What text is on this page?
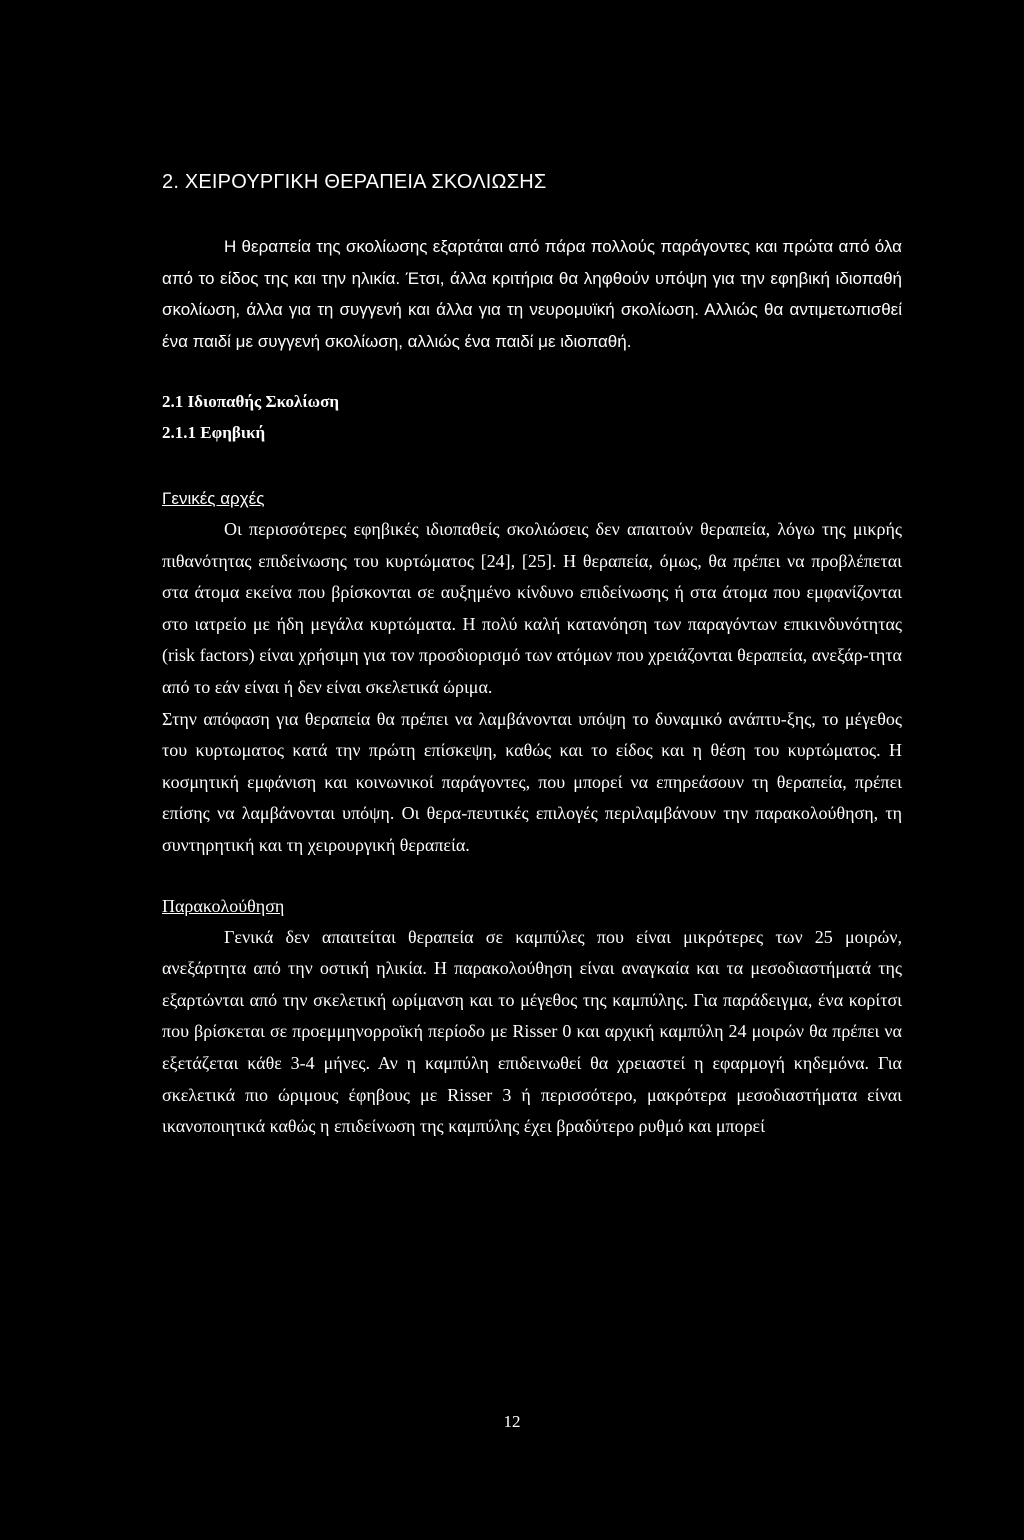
2. ΧΕΙΡΟΥΡΓΙΚΗ ΘΕΡΑΠΕΙΑ ΣΚΟΛΙΩΣΗΣ

Η θεραπεία της σκολίωσης εξαρτάται από πάρα πολλούς παράγοντες και πρώτα από όλα από το είδος της και την ηλικία. Έτσι, άλλα κριτήρια θα ληφθούν υπόψη για την εφηβική ιδιοπαθή σκολίωση, άλλα για τη συγγενή και άλλα για τη νευρομυϊκή σκολίωση. Αλλιώς θα αντιμετωπισθεί ένα παιδί με συγγενή σκολίωση, αλλιώς ένα παιδί με ιδιοπαθή.

2.1 Ιδιοπαθής Σκολίωση
2.1.1 Εφηβική

Γενικές αρχές

Οι περισσότερες εφηβικές ιδιοπαθείς σκολιώσεις δεν απαιτούν θεραπεία, λόγω της μικρής πιθανότητας επιδείνωσης του κυρτώματος [24], [25]. Η θεραπεία, όμως, θα πρέπει να προβλέπεται στα άτομα εκείνα που βρίσκονται σε αυξημένο κίνδυνο επιδείνωσης ή στα άτομα που εμφανίζονται στο ιατρείο με ήδη μεγάλα κυρτώματα. Η πολύ καλή κατανόηση των παραγόντων επικινδυνότητας (risk factors) είναι χρήσιμη για τον προσδιορισμό των ατόμων που χρειάζονται θεραπεία, ανεξάρ-τητα από το εάν είναι ή δεν είναι σκελετικά ώριμα.

Στην απόφαση για θεραπεία θα πρέπει να λαμβάνονται υπόψη το δυναμικό ανάπτυ-ξης, το μέγεθος του κυρτωματος κατά την πρώτη επίσκεψη, καθώς και το είδος και η θέση του κυρτώματος. Η κοσμητική εμφάνιση και κοινωνικοί παράγοντες, που μπορεί να επηρεάσουν τη θεραπεία, πρέπει επίσης να λαμβάνονται υπόψη. Οι θερα-πευτικές επιλογές περιλαμβάνουν την παρακολούθηση, τη συντηρητική και τη χειρουργική θεραπεία.

Παρακολούθηση

Γενικά δεν απαιτείται θεραπεία σε καμπύλες που είναι μικρότερες των 25 μοιρών, ανεξάρτητα από την οστική ηλικία. Η παρακολούθηση είναι αναγκαία και τα μεσοδιαστήματά της εξαρτώνται από την σκελετική ωρίμανση και το μέγεθος της καμπύλης. Για παράδειγμα, ένα κορίτσι που βρίσκεται σε προεμμηνορροϊκή περίοδο με Risser 0 και αρχική καμπύλη 24 μοιρών θα πρέπει να εξετάζεται κάθε 3-4 μήνες. Αν η καμπύλη επιδεινωθεί θα χρειαστεί η εφαρμογή κηδεμόνα. Για σκελετικά πιο ώριμους έφηβους με Risser 3 ή περισσότερο, μακρότερα μεσοδιαστήματα είναι ικανοποιητικά καθώς η επιδείνωση της καμπύλης έχει βραδύτερο ρυθμό και μπορεί

12
